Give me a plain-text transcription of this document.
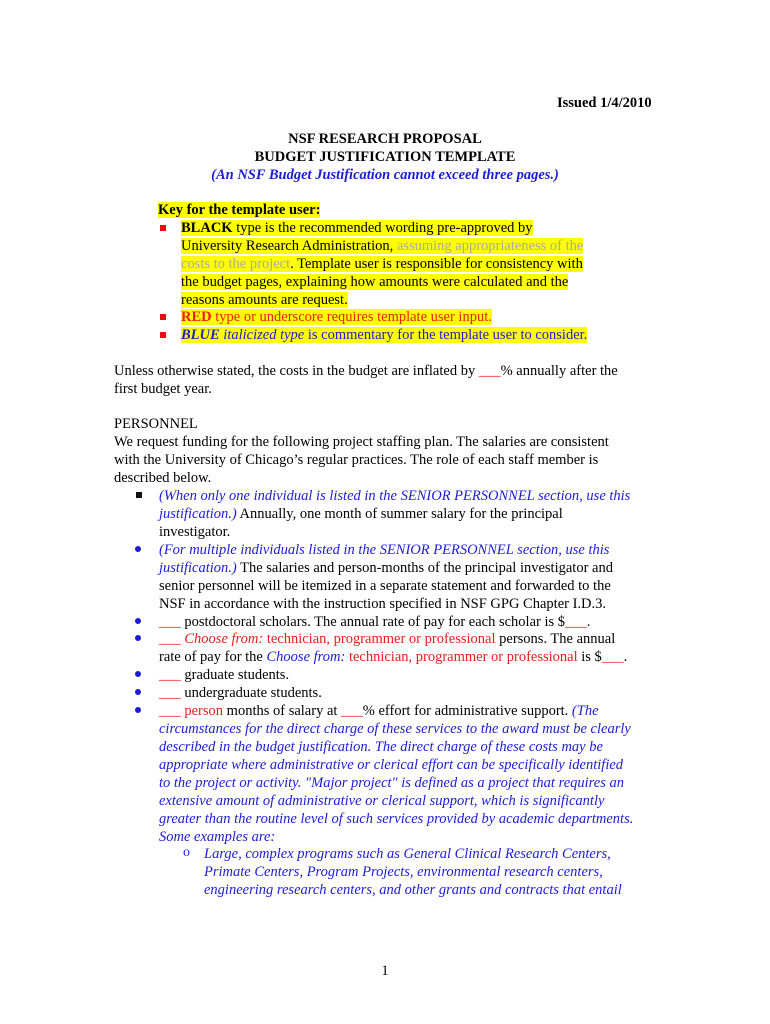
Issued 1/4/2010
NSF RESEARCH PROPOSAL
BUDGET JUSTIFICATION TEMPLATE
(An NSF Budget Justification cannot exceed three pages.)
Key for the template user:
BLACK type is the recommended wording pre-approved by
University Research Administration, assuming appropriateness of the
costs to the project. Template user is responsible for consistency with
the budget pages, explaining how amounts were calculated and the
reasons amounts are request.
RED type or underscore requires template user input.
BLUE italicized type is commentary for the template user to consider.
Unless otherwise stated, the costs in the budget are inflated by ___% annually after the
first budget year.
PERSONNEL
We request funding for the following project staffing plan. The salaries are consistent
with the University of Chicago’s regular practices. The role of each staff member is
described below.
(When only one individual is listed in the SENIOR PERSONNEL section, use this
justification.) Annually, one month of summer salary for the principal
investigator.
(For multiple individuals listed in the SENIOR PERSONNEL section, use this
justification.) The salaries and person-months of the principal investigator and
senior personnel will be itemized in a separate statement and forwarded to the
NSF in accordance with the instruction specified in NSF GPG Chapter I.D.3.
___ postdoctoral scholars. The annual rate of pay for each scholar is $___.
___ Choose from: technician, programmer or professional persons. The annual
rate of pay for the Choose from: technician, programmer or professional is $___.
___ graduate students.
___ undergraduate students.
___ person months of salary at ___% effort for administrative support. (The
circumstances for the direct charge of these services to the award must be clearly
described in the budget justification. The direct charge of these costs may be
appropriate where administrative or clerical effort can be specifically identified
to the project or activity. "Major project" is defined as a project that requires an
extensive amount of administrative or clerical support, which is significantly
greater than the routine level of such services provided by academic departments.
Some examples are:
o Large, complex programs such as General Clinical Research Centers,
Primate Centers, Program Projects, environmental research centers,
engineering research centers, and other grants and contracts that entail
1
